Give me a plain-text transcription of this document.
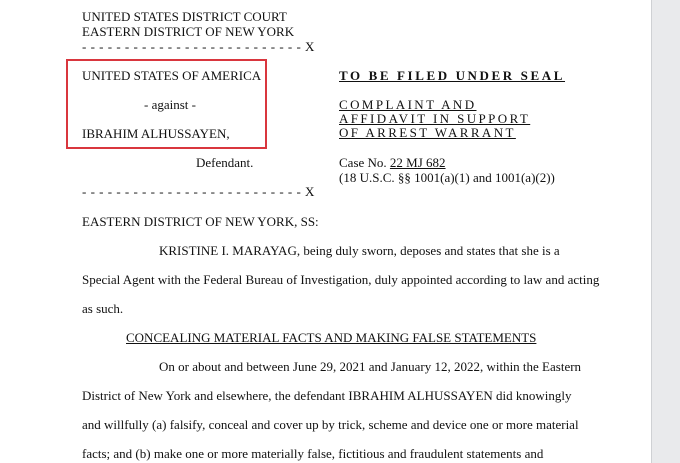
UNITED STATES DISTRICT COURT
EASTERN DISTRICT OF NEW YORK
- - - - - - - - - - - - - - - - - - - - - - - - - - X
UNITED STATES OF AMERICA
- against -
IBRAHIM ALHUSSAYEN,
Defendant.
- - - - - - - - - - - - - - - - - - - - - - - - - - X
TO BE FILED UNDER SEAL
COMPLAINT AND
AFFIDAVIT IN SUPPORT
OF ARREST WARRANT
Case No. 22 MJ 682
(18 U.S.C. §§ 1001(a)(1) and 1001(a)(2))
EASTERN DISTRICT OF NEW YORK, SS:
KRISTINE I. MARAYAG, being duly sworn, deposes and states that she is a
Special Agent with the Federal Bureau of Investigation, duly appointed according to law and acting
as such.
CONCEALING MATERIAL FACTS AND MAKING FALSE STATEMENTS
On or about and between June 29, 2021 and January 12, 2022, within the Eastern
District of New York and elsewhere, the defendant IBRAHIM ALHUSSAYEN did knowingly
and willfully (a) falsify, conceal and cover up by trick, scheme and device one or more material
facts; and (b) make one or more materially false, fictitious and fraudulent statements and
